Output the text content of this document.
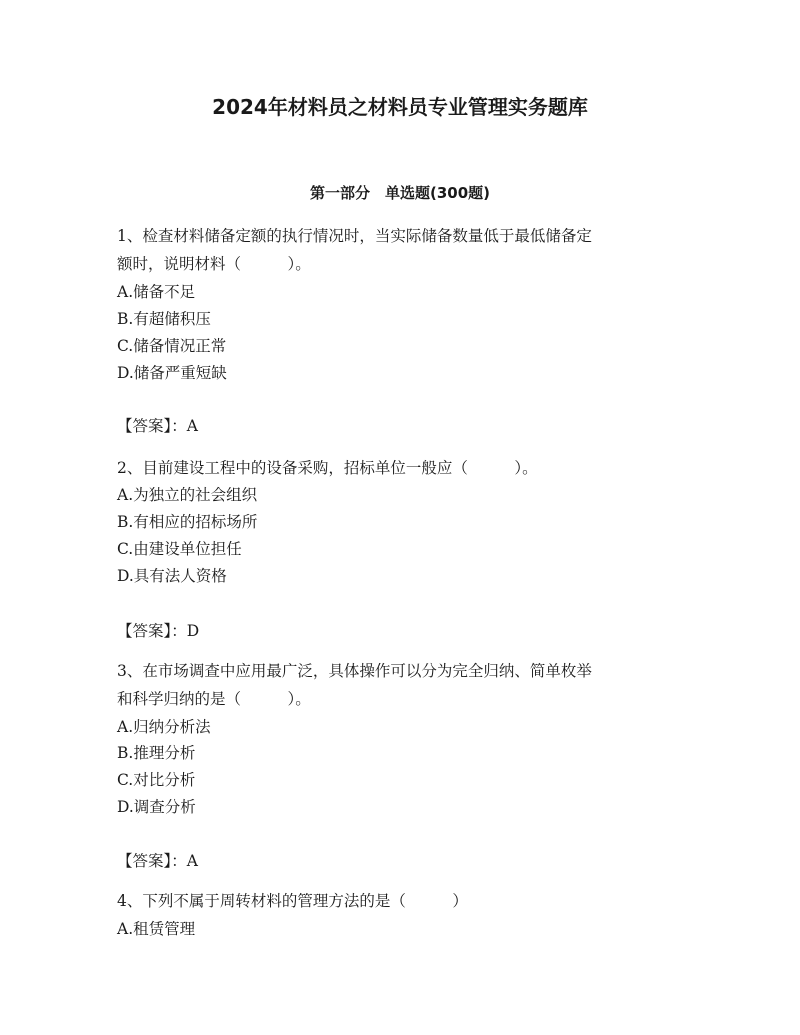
2024年材料员之材料员专业管理实务题库
第一部分　单选题(300题)
1、检查材料储备定额的执行情况时，当实际储备数量低于最低储备定
额时，说明材料（　　　）。
A.储备不足
B.有超储积压
C.储备情况正常
D.储备严重短缺
【答案】：A
2、目前建设工程中的设备采购，招标单位一般应（　　　）。
A.为独立的社会组织
B.有相应的招标场所
C.由建设单位担任
D.具有法人资格
【答案】：D
3、在市场调查中应用最广泛，具体操作可以分为完全归纳、简单枚举
和科学归纳的是（　　　）。
A.归纳分析法
B.推理分析
C.对比分析
D.调查分析
【答案】：A
4、下列不属于周转材料的管理方法的是（　　　）
A.租赁管理
